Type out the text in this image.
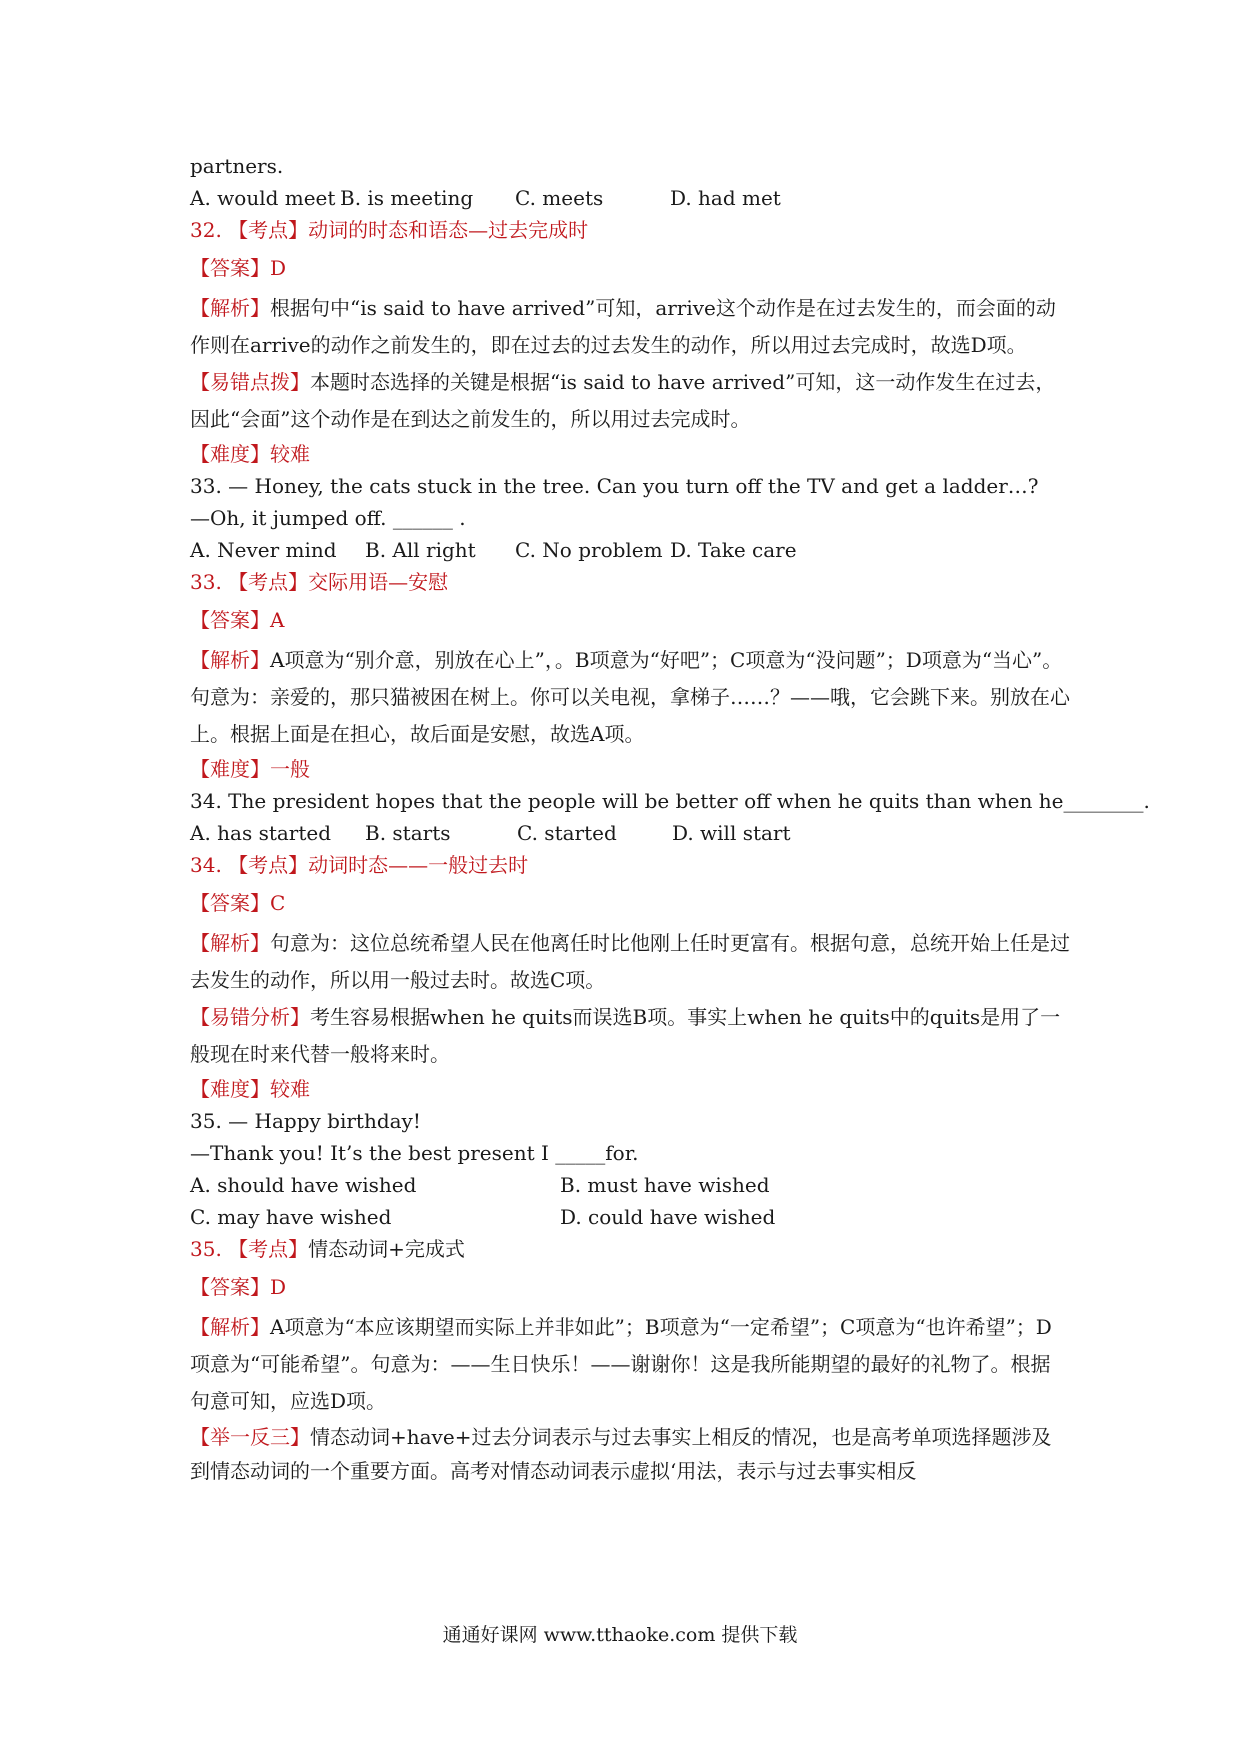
partners.
A. would meet B. is meeting	C. meets	D. had met
32. 【考点】动词的时态和语态—过去完成时
【答案】D

【解析】根据句中“is said to have arrived”可知，arrive这个动作是在过去发生的，而会面的动作则在arrive的动作之前发生的，即在过去的过去发生的动作，所以用过去完成时，故选D项。

【易错点拨】本题时态选择的关键是根据“is said to have arrived”可知，这一动作发生在过去，因此“会面”这个动作是在到达之前发生的，所以用过去完成时。

【难度】较难
33. — Honey, the cats stuck in the tree. Can you turn off the TV and get a ladder…?
—Oh, it jumped off. ______ .
A. Never mind	B. All right	C. No problem D. Take care
33. 【考点】交际用语—安慰
【答案】A

【解析】A项意为“别介意，别放在心上”，。B项意为“好吧”；C项意为“没问题”；D项意为“当心”。 句意为：亲爱的，那只猫被困在树上。你可以关电视，拿梯子……？——哦，它会跳下来。别放在心上。根据上面是在担心，故后面是安慰，故选A项。

【难度】一般
34. The president hopes that the people will be better off when he quits than when he________.
A. has started	B. starts	C. started	D. will start
34. 【考点】动词时态——一般过去时
【答案】C

【解析】句意为：这位总统希望人民在他离任时比他刚上任时更富有。根据句意，总统开始上任是过去发生的动作，所以用一般过去时。故选C项。

【易错分析】考生容易根据when he quits而误选B项。事实上when he quits中的quits是用了一般现在时来代替一般将来时。

【难度】较难
35. — Happy birthday!
—Thank you! It’s the best present I _____for.
A. should have wished	B. must have wished
C. may have wished	D. could have wished
35. 【考点】情态动词+完成式
【答案】D

【解析】A项意为“本应该期望而实际上并非如此”；B项意为“一定希望”；C项意为“也许希望”；D项意为“可能希望”。句意为：——生日快乐！——谢谢你！这是我所能期望的最好的礼物了。根据句意可知，应选D项。

【举一反三】情态动词+have+过去分词表示与过去事实上相反的情况，也是高考单项选择题涉及到情态动词的一个重要方面。高考对情态动词表示虚拟‘用法，表示与过去事实相反

通通好课网 www.tthaoke.com 提供下载
